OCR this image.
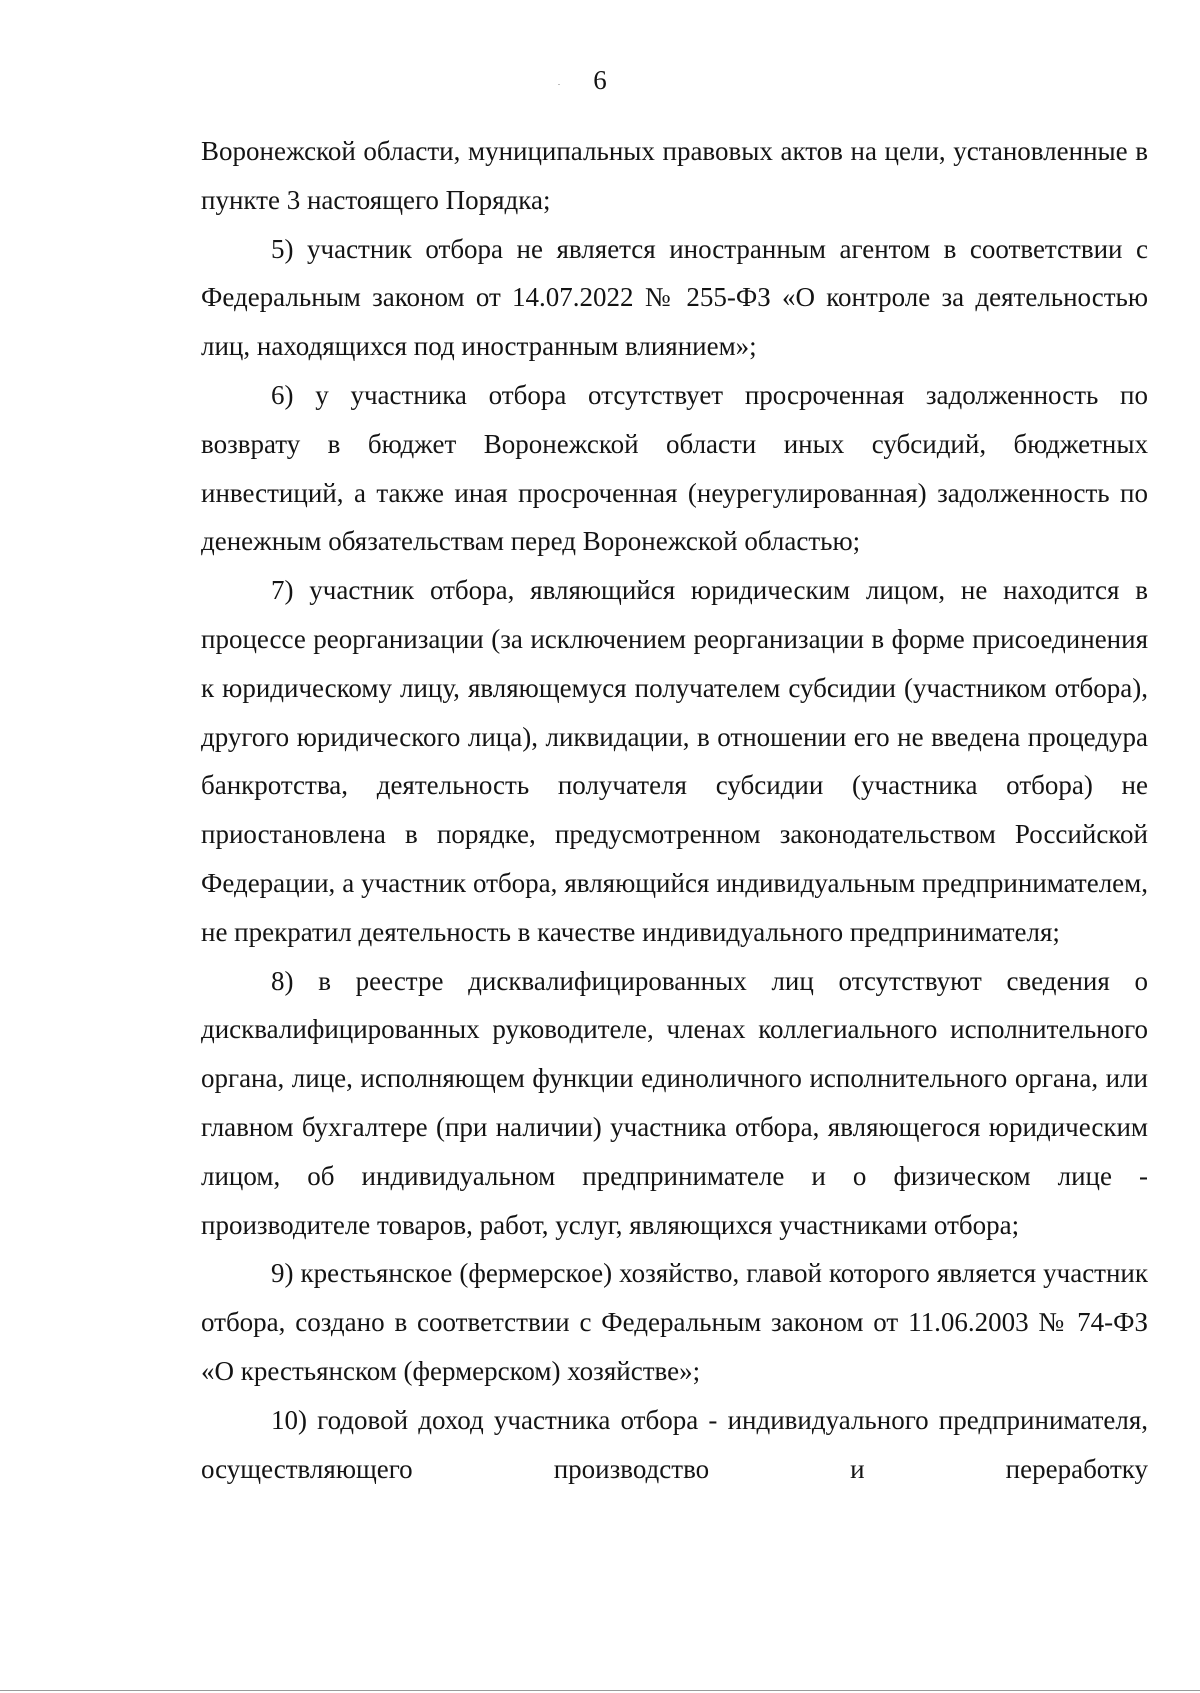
6

Воронежской области, муниципальных правовых актов на цели, установленные в пункте 3 настоящего Порядка;

5) участник отбора не является иностранным агентом в соответствии с Федеральным законом от 14.07.2022 № 255-ФЗ «О контроле за деятельностью лиц, находящихся под иностранным влиянием»;

6) у участника отбора отсутствует просроченная задолженность по возврату в бюджет Воронежской области иных субсидий, бюджетных инвестиций, а также иная просроченная (неурегулированная) задолженность по денежным обязательствам перед Воронежской областью;

7) участник отбора, являющийся юридическим лицом, не находится в процессе реорганизации (за исключением реорганизации в форме присоединения к юридическому лицу, являющемуся получателем субсидии (участником отбора), другого юридического лица), ликвидации, в отношении его не введена процедура банкротства, деятельность получателя субсидии (участника отбора) не приостановлена в порядке, предусмотренном законодательством Российской Федерации, а участник отбора, являющийся индивидуальным предпринимателем, не прекратил деятельность в качестве индивидуального предпринимателя;

8) в реестре дисквалифицированных лиц отсутствуют сведения о дисквалифицированных руководителе, членах коллегиального исполнительного органа, лице, исполняющем функции единоличного исполнительного органа, или главном бухгалтере (при наличии) участника отбора, являющегося юридическим лицом, об индивидуальном предпринимателе и о физическом лице - производителе товаров, работ, услуг, являющихся участниками отбора;

9) крестьянское (фермерское) хозяйство, главой которого является участник отбора, создано в соответствии с Федеральным законом от 11.06.2003 № 74-ФЗ «О крестьянском (фермерском) хозяйстве»;

10) годовой доход участника отбора - индивидуального предпринимателя, осуществляющего производство и переработку
